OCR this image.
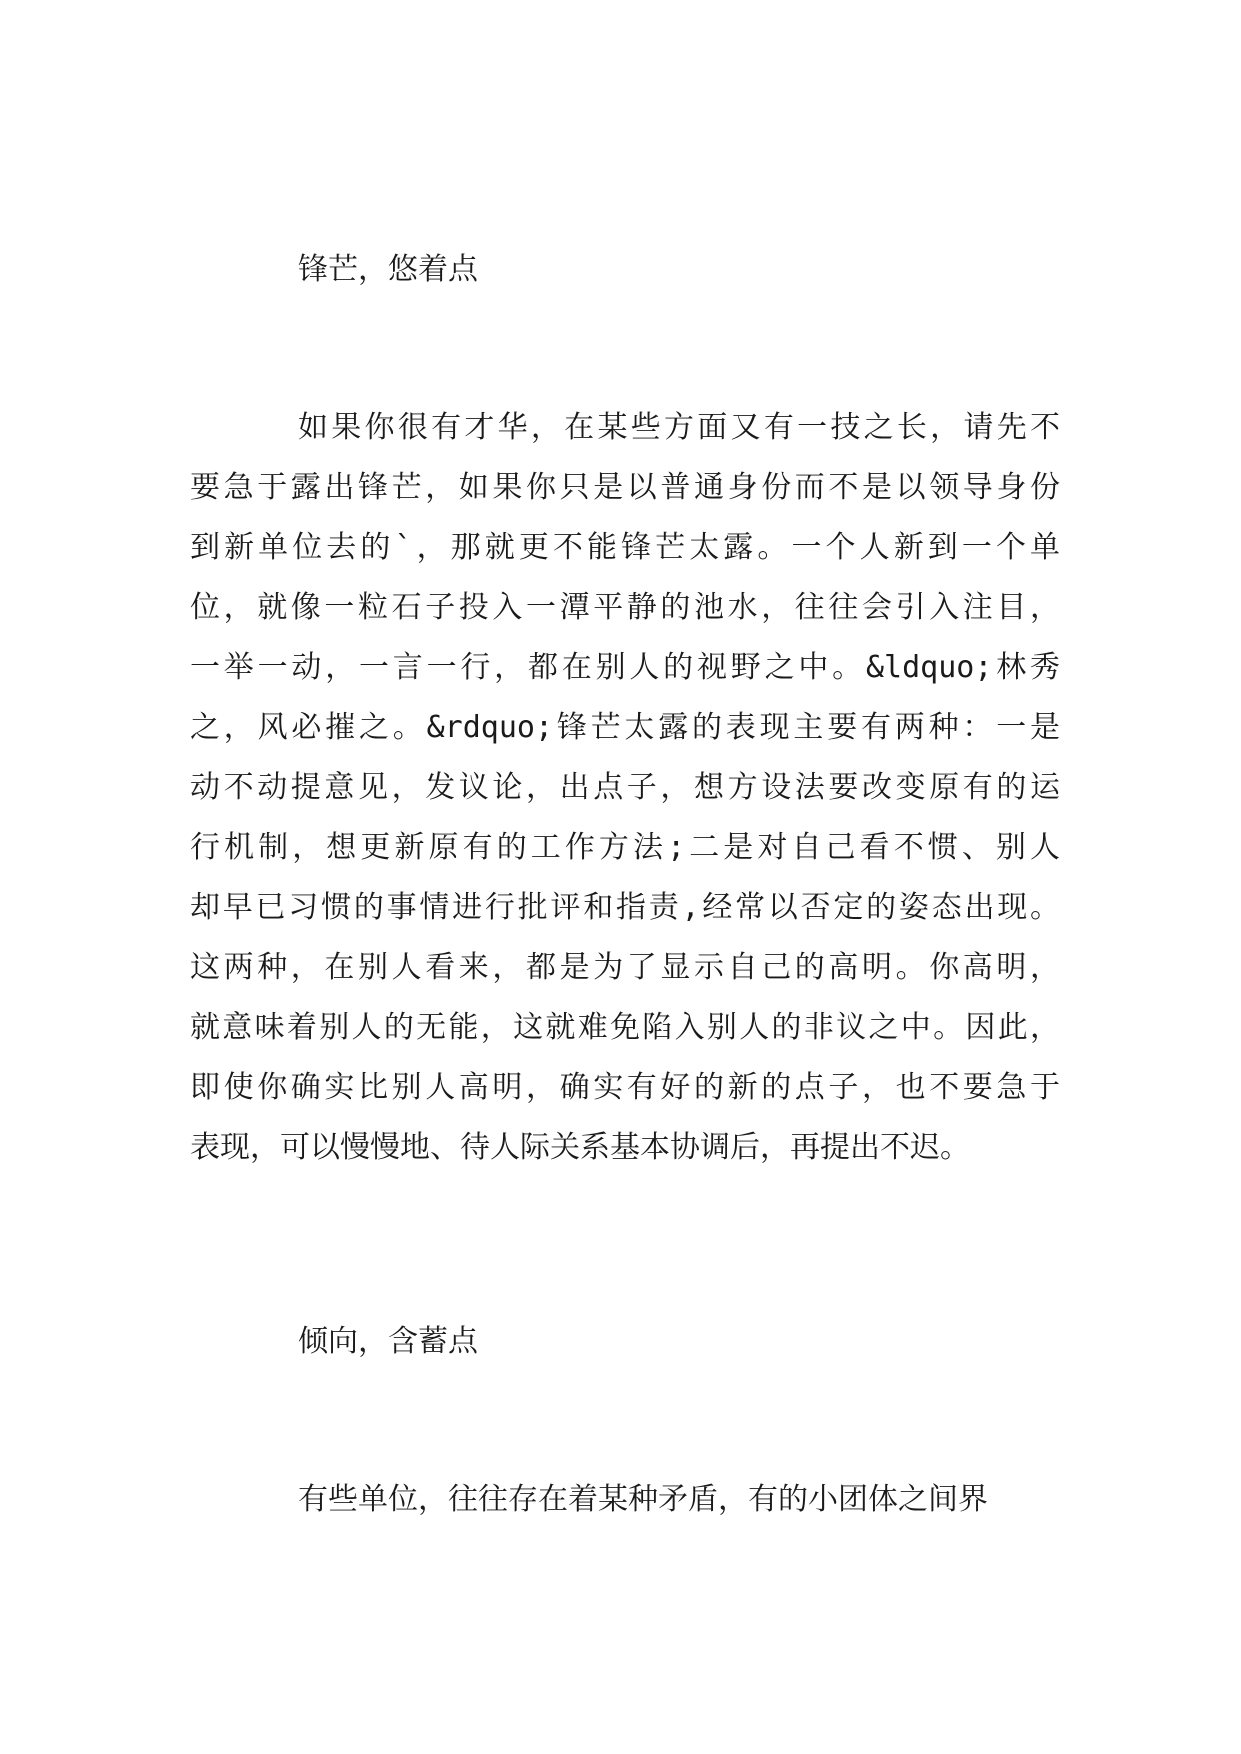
锋芒，悠着点
如果你很有才华，在某些方面又有一技之长，请先不
要急于露出锋芒，如果你只是以普通身份而不是以领导身份
到新单位去的`，那就更不能锋芒太露。一个人新到一个单
位，就像一粒石子投入一潭平静的池水，往往会引入注目，
一举一动，一言一行，都在别人的视野之中。&ldquo;林秀
之，风必摧之。&rdquo;锋芒太露的表现主要有两种：一是
动不动提意见，发议论，出点子，想方设法要改变原有的运
行机制，想更新原有的工作方法;二是对自己看不惯、别人
却早已习惯的事情进行批评和指责,经常以否定的姿态出现。
这两种，在别人看来，都是为了显示自己的高明。你高明，
就意味着别人的无能，这就难免陷入别人的非议之中。因此，
即使你确实比别人高明，确实有好的新的点子，也不要急于
表现，可以慢慢地、待人际关系基本协调后，再提出不迟。
倾向，含蓄点
有些单位，往往存在着某种矛盾，有的小团体之间界
